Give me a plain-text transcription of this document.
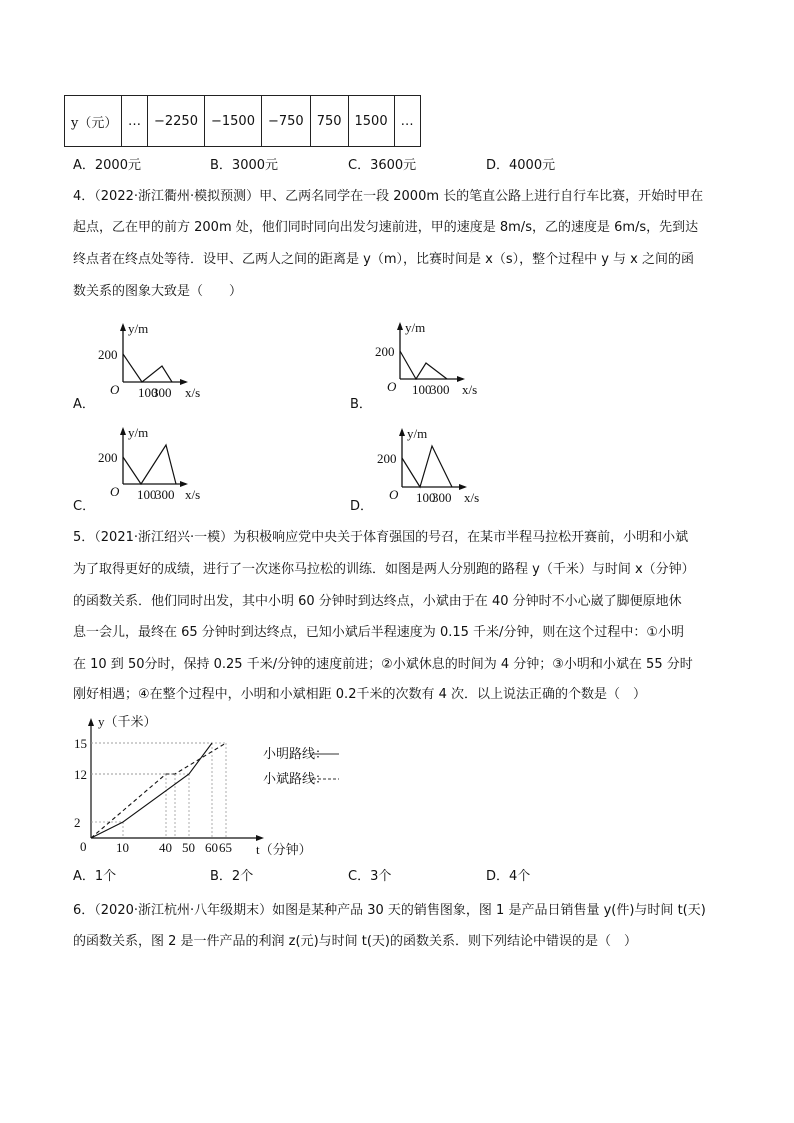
y（元）	…	−2250	−1500	−750	750	1500	…
A．2000元	B．3000元	C．3600元	D．4000元
4．（2022·浙江衢州·模拟预测）甲、乙两名同学在一段 2000m 长的笔直公路上进行自行车比赛，开始时甲在
起点，乙在甲的前方 200m 处，他们同时同向出发匀速前进，甲的速度是 8m/s，乙的速度是 6m/s，先到达
终点者在终点处等待．设甲、乙两人之间的距离是 y（m），比赛时间是 x（s），整个过程中 y 与 x 之间的函
数关系的图象大致是（　　）
A．	B．
C．	D．
y/m
200
O 100
300 x/s
y/m
200
O 100
300 x/s
y/m
200
O 100
300 x/s
y/m
200
O 100
300 x/s
5．（2021·浙江绍兴·一模）为积极响应党中央关于体育强国的号召，在某市半程马拉松开赛前，小明和小斌
为了取得更好的成绩，进行了一次迷你马拉松的训练．如图是两人分别跑的路程 y（千米）与时间 x（分钟）
的函数关系．他们同时出发，其中小明 60 分钟时到达终点，小斌由于在 40 分钟时不小心崴了脚便原地休
息一会儿，最终在 65 分钟时到达终点，已知小斌后半程速度为 0.15 千米/分钟，则在这个过程中：①小明
在 10 到 50分时，保持 0.25 千米/分钟的速度前进；②小斌休息的时间为 4 分钟；③小明和小斌在 55 分时
刚好相遇；④在整个过程中，小明和小斌相距 0.2千米的次数有 4 次．以上说法正确的个数是（　）
y（千米）
t（分钟）
0
2
12
15
10 40 50 60 65
小明路线：
小斌路线：
A．1个	B．2个	C．3个	D．4个
6．（2020·浙江杭州·八年级期末）如图是某种产品 30 天的销售图象，图 1 是产品日销售量 y(件)与时间 t(天)
的函数关系，图 2 是一件产品的利润 z(元)与时间 t(天)的函数关系．则下列结论中错误的是（　）
